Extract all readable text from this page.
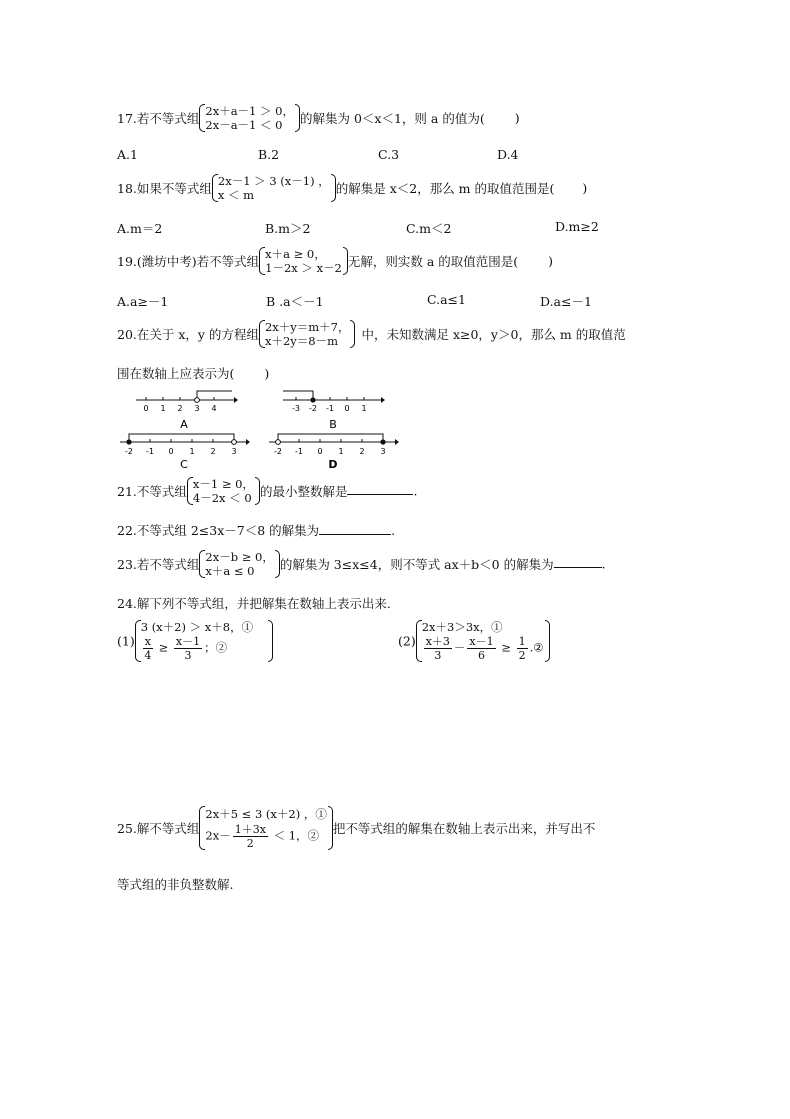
17.若不等式组 2x＋a－1 ＞ 0，
2x－a－1 ＜ 0	的解集为 0＜x＜1，则 a 的值为( )
A.1	B.2	C.3	D.4
18.如果不等式组 2x－1 ＞ 3 (x－1) ，
x ＜ m	的解集是 x＜2，那么 m 的取值范围是( )
A.m＝2	B.m＞2	C.m＜2	D.m≥2
19.(潍坊中考)若不等式组 x＋a ≥ 0，
1－2x ＞ x－2 无解，则实数 a 的取值范围是( )
A.a≥－1	B .a＜－1	C.a≤1	D.a≤－1
20.在关于 x，y 的方程组 2x＋y＝m＋7，
x＋2y＝8－m	中，未知数满足 x≥0，y＞0，那么 m 的取值范
围在数轴上应表示为( )
0 1 2 3 4
A
-3 -2 -1 0 1
B
-2 -1 0 1 2 3
C
-2 -1 0 1 2 3
D
21.不等式组 x－1 ≥ 0，
4－2x ＜ 0 的最小整数解是	.
22.不等式组 2≤3x－7＜8 的解集为	.
23.若不等式组 2x－b ≥ 0，
x＋a ≤ 0	的解集为 3≤x≤4，则不等式 ax＋b＜0 的解集为	.
24.解下列不等式组，并把解集在数轴上表示出来.
(1)
3 (x＋2) ＞ x＋8，①
$\frac{x}{4} \ge \frac{x-1}{3}$ ；②	(2)
2x＋3＞3x，①
$\frac{x+3}{3} - \frac{x-1}{6} \ge \frac{1}{2}$ .②
25.解不等式组
2x＋5 ≤ 3 (x＋2) ，①
$2x- \frac{1+3x}{2} < 1$，②	把不等式组的解集在数轴上表示出来，并写出不
等式组的非负整数解.
